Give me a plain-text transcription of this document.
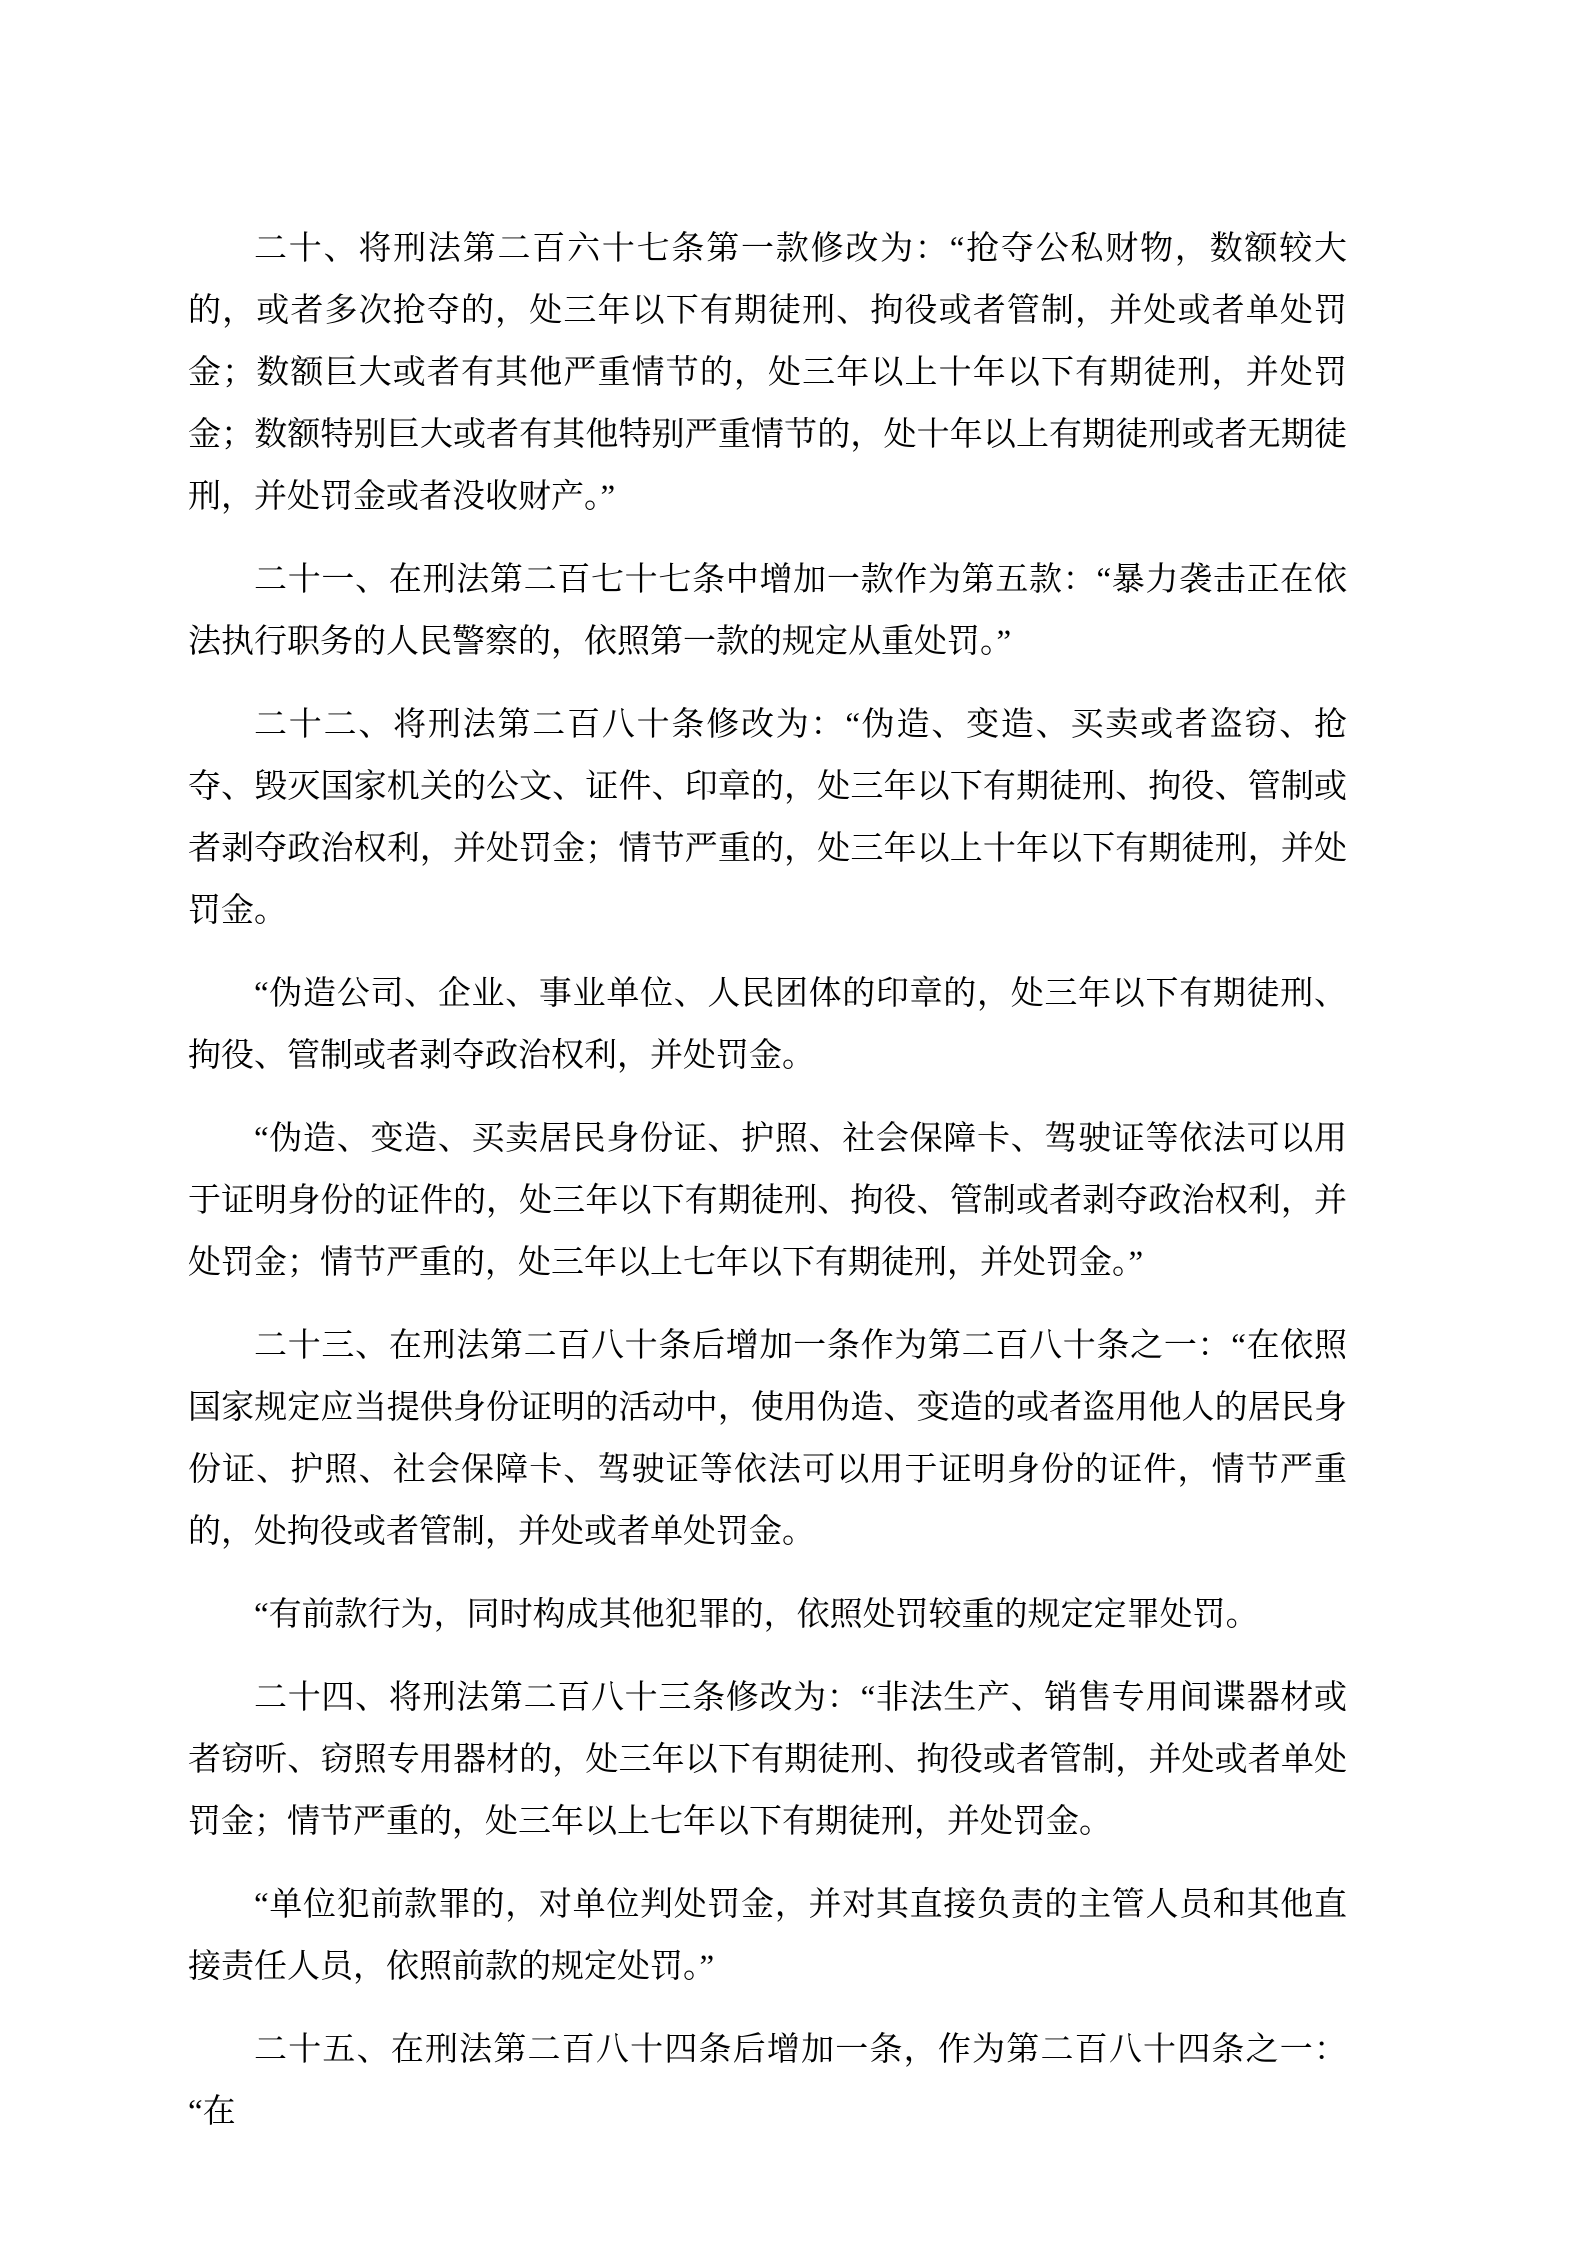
二十、将刑法第二百六十七条第一款修改为：“抢夺公私财物，数额较大的，或者多次抢夺的，处三年以下有期徒刑、拘役或者管制，并处或者单处罚金；数额巨大或者有其他严重情节的，处三年以上十年以下有期徒刑，并处罚金；数额特别巨大或者有其他特别严重情节的，处十年以上有期徒刑或者无期徒刑，并处罚金或者没收财产。”

二十一、在刑法第二百七十七条中增加一款作为第五款：“暴力袭击正在依法执行职务的人民警察的，依照第一款的规定从重处罚。”

二十二、将刑法第二百八十条修改为：“伪造、变造、买卖或者盗窃、抢夺、毁灭国家机关的公文、证件、印章的，处三年以下有期徒刑、拘役、管制或者剥夺政治权利，并处罚金；情节严重的，处三年以上十年以下有期徒刑，并处罚金。

“伪造公司、企业、事业单位、人民团体的印章的，处三年以下有期徒刑、拘役、管制或者剥夺政治权利，并处罚金。

“伪造、变造、买卖居民身份证、护照、社会保障卡、驾驶证等依法可以用于证明身份的证件的，处三年以下有期徒刑、拘役、管制或者剥夺政治权利，并处罚金；情节严重的，处三年以上七年以下有期徒刑，并处罚金。”

二十三、在刑法第二百八十条后增加一条作为第二百八十条之一：“在依照国家规定应当提供身份证明的活动中，使用伪造、变造的或者盗用他人的居民身份证、护照、社会保障卡、驾驶证等依法可以用于证明身份的证件，情节严重的，处拘役或者管制，并处或者单处罚金。

“有前款行为，同时构成其他犯罪的，依照处罚较重的规定定罪处罚。

二十四、将刑法第二百八十三条修改为：“非法生产、销售专用间谍器材或者窃听、窃照专用器材的，处三年以下有期徒刑、拘役或者管制，并处或者单处罚金；情节严重的，处三年以上七年以下有期徒刑，并处罚金。

“单位犯前款罪的，对单位判处罚金，并对其直接负责的主管人员和其他直接责任人员，依照前款的规定处罚。”

二十五、在刑法第二百八十四条后增加一条，作为第二百八十四条之一：“在
